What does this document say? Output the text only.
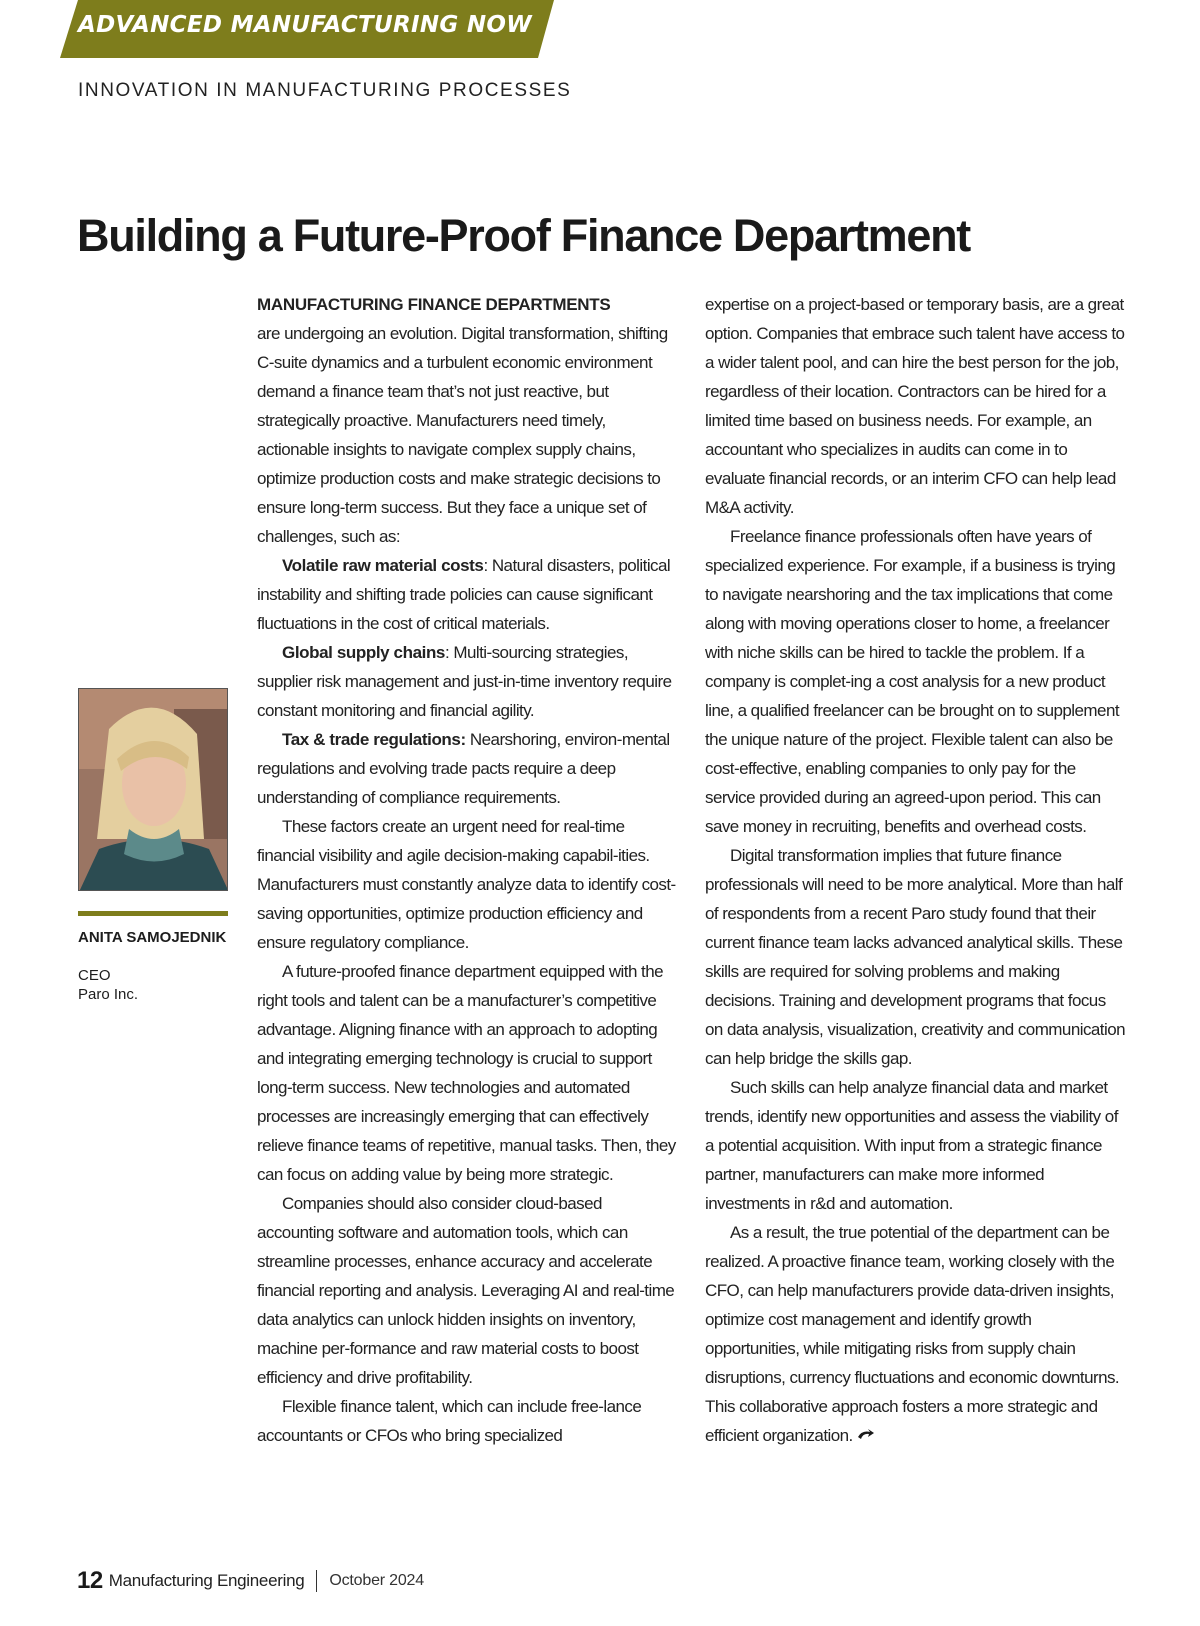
ADVANCED MANUFACTURING NOW
INNOVATION IN MANUFACTURING PROCESSES
Building a Future-Proof Finance Department
ANITA SAMOJEDNIK
CEO
Paro Inc.

MANUFACTURING FINANCE DEPARTMENTS
are undergoing an evolution. Digital transformation, shifting C-suite dynamics and a turbulent economic environment demand a finance team that’s not just reactive, but strategically proactive. Manufacturers need timely, actionable insights to navigate complex supply chains, optimize production costs and make strategic decisions to ensure long-term success. But they face a unique set of challenges, such as:

Volatile raw material costs: Natural disasters, political instability and shifting trade policies can cause significant fluctuations in the cost of critical materials.

Global supply chains: Multi-sourcing strategies, supplier risk management and just-in-time inventory require constant monitoring and financial agility.

Tax & trade regulations: Nearshoring, environ-mental regulations and evolving trade pacts require a deep understanding of compliance requirements.

These factors create an urgent need for real-time financial visibility and agile decision-making capabil-ities. Manufacturers must constantly analyze data to identify cost-saving opportunities, optimize production efficiency and ensure regulatory compliance.

A future-proofed finance department equipped with the right tools and talent can be a manufacturer’s competitive advantage. Aligning finance with an approach to adopting and integrating emerging technology is crucial to support long-term success. New technologies and automated processes are increasingly emerging that can effectively relieve finance teams of repetitive, manual tasks. Then, they can focus on adding value by being more strategic.

Companies should also consider cloud-based accounting software and automation tools, which can streamline processes, enhance accuracy and accelerate financial reporting and analysis. Leveraging AI and real-time data analytics can unlock hidden insights on inventory, machine per-formance and raw material costs to boost efficiency and drive profitability.

Flexible finance talent, which can include free-lance accountants or CFOs who bring specialized

expertise on a project-based or temporary basis, are a great option. Companies that embrace such talent have access to a wider talent pool, and can hire the best person for the job, regardless of their location. Contractors can be hired for a limited time based on business needs. For example, an accountant who specializes in audits can come in to evaluate financial records, or an interim CFO can help lead M&A activity.

Freelance finance professionals often have years of specialized experience. For example, if a business is trying to navigate nearshoring and the tax implications that come along with moving operations closer to home, a freelancer with niche skills can be hired to tackle the problem. If a company is complet-ing a cost analysis for a new product line, a qualified freelancer can be brought on to supplement the unique nature of the project. Flexible talent can also be cost-effective, enabling companies to only pay for the service provided during an agreed-upon period. This can save money in recruiting, benefits and overhead costs.

Digital transformation implies that future finance professionals will need to be more analytical. More than half of respondents from a recent Paro study found that their current finance team lacks advanced analytical skills. These skills are required for solving problems and making decisions. Training and development programs that focus on data analysis, visualization, creativity and communication can help bridge the skills gap.

Such skills can help analyze financial data and market trends, identify new opportunities and assess the viability of a potential acquisition. With input from a strategic finance partner, manufacturers can make more informed investments in r&d and automation.

As a result, the true potential of the department can be realized. A proactive finance team, working closely with the CFO, can help manufacturers provide data-driven insights, optimize cost management and identify growth opportunities, while mitigating risks from supply chain disruptions, currency fluctuations and economic downturns. This collaborative approach fosters a more strategic and efficient organization.

12 Manufacturing Engineering October 2024
